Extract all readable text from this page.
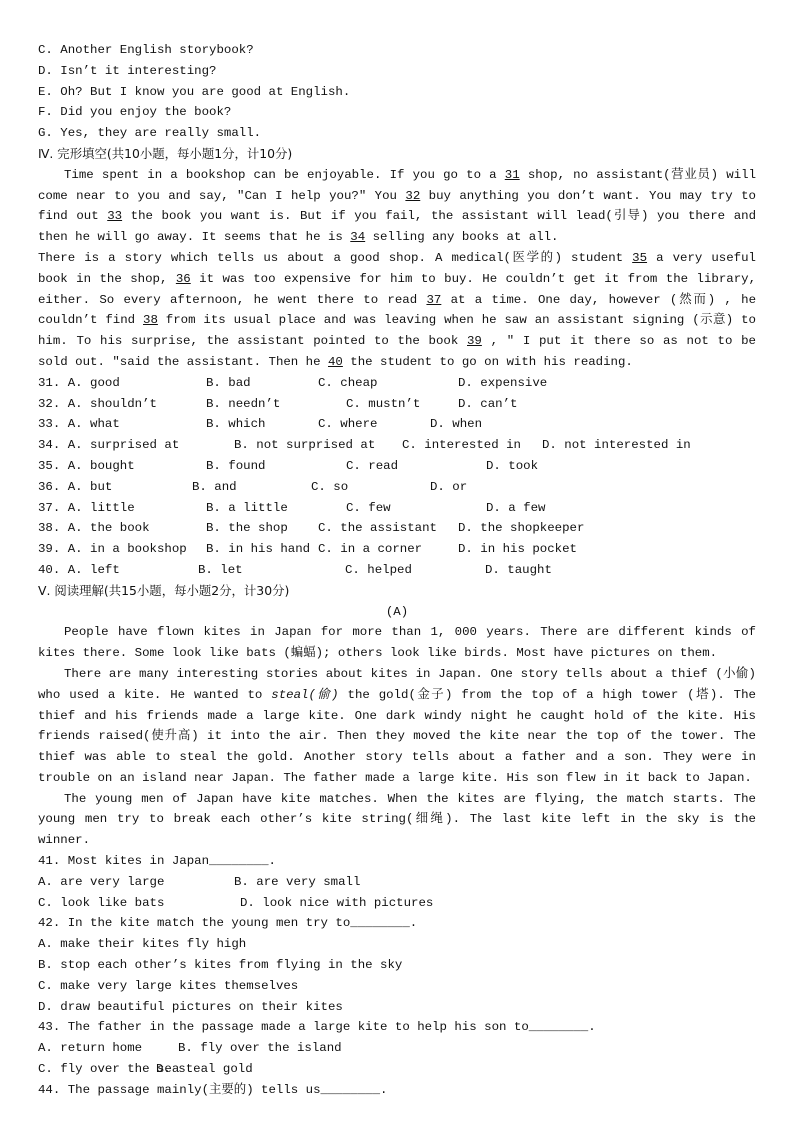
C. Another English storybook?
D. Isn’t it interesting?
E. Oh? But I know you are good at English.
F. Did you enjoy the book?
G. Yes, they are really small.
Ⅳ. 完形填空(共10小题，每小题1分，计10分)
Time spent in a bookshop can be enjoyable. If you go to a 31 shop, no assistant(营业员) will come near to you and say, ″Can I help you?″ You 32 buy anything you don’t want. You may try to find out 33 the book you want is. But if you fail, the assistant will lead(引导) you there and then he will go away. It seems that he is 34 selling any books at all.
There is a story which tells us about a good shop. A medical(医学的) student 35 a very useful book in the shop, 36 it was too expensive for him to buy. He couldn’t get it from the library, either. So every afternoon, he went there to read 37 at a time. One day, however (然而) , he couldn’t find 38 from its usual place and was leaving when he saw an assistant signing (示意) to him. To his surprise, the assistant pointed to the book 39 , ″ I put it there so as not to be sold out. ″said the assistant. Then he 40 the student to go on with his reading.
31. A. good	B. bad	C. cheap	D. expensive
32. A. shouldn’t	B. needn’t	C. mustn’t	D. can’t
33. A. what	B. which	C. where	D. when
34. A. surprised at	B. not surprised at	C. interested in	D. not interested in
35. A. bought	B. found	C. read	D. took
36. A. but	B. and	C. so	D. or
37. A. little	B. a little	C. few	D. a few
38. A. the book	B. the shop	C. the assistant	D. the shopkeeper
39. A. in a bookshop	B. in his hand C. in a corner	D. in his pocket
40. A. left	B. let	C. helped	D. taught
Ⅴ. 阅读理解(共15小题，每小题2分，计30分)
(A)
People have flown kites in Japan for more than 1, 000 years. There are different kinds of kites there. Some look like bats (蝙蝠); others look like birds. Most have pictures on them.
There are many interesting stories about kites in Japan. One story tells about a thief (小偷) who used a kite. He wanted to steal(偷) the gold(金子) from the top of a high tower (塔). The thief and his friends made a large kite. One dark windy night he caught hold of the kite. His friends raised(使升高) it into the air. Then they moved the kite near the top of the tower. The thief was able to steal the gold. Another story tells about a father and a son. They were in trouble on an island near Japan. The father made a large kite. His son flew in it back to Japan.
The young men of Japan have kite matches. When the kites are flying, the match starts. The young men try to break each other’s kite string(细绳). The last kite left in the sky is the winner.
41. Most kites in Japan________.
A. are very large	B. are very small
C. look like bats	D. look nice with pictures
42. In the kite match the young men try to________.
A. make their kites fly high
B. stop each other’s kites from flying in the sky
C. make very large kites themselves
D. draw beautiful pictures on their kites
43. The father in the passage made a large kite to help his son to________.
A. return home	B. fly over the island
C. fly over the sea
D. steal gold
44. The passage mainly(主要的) tells us________.
